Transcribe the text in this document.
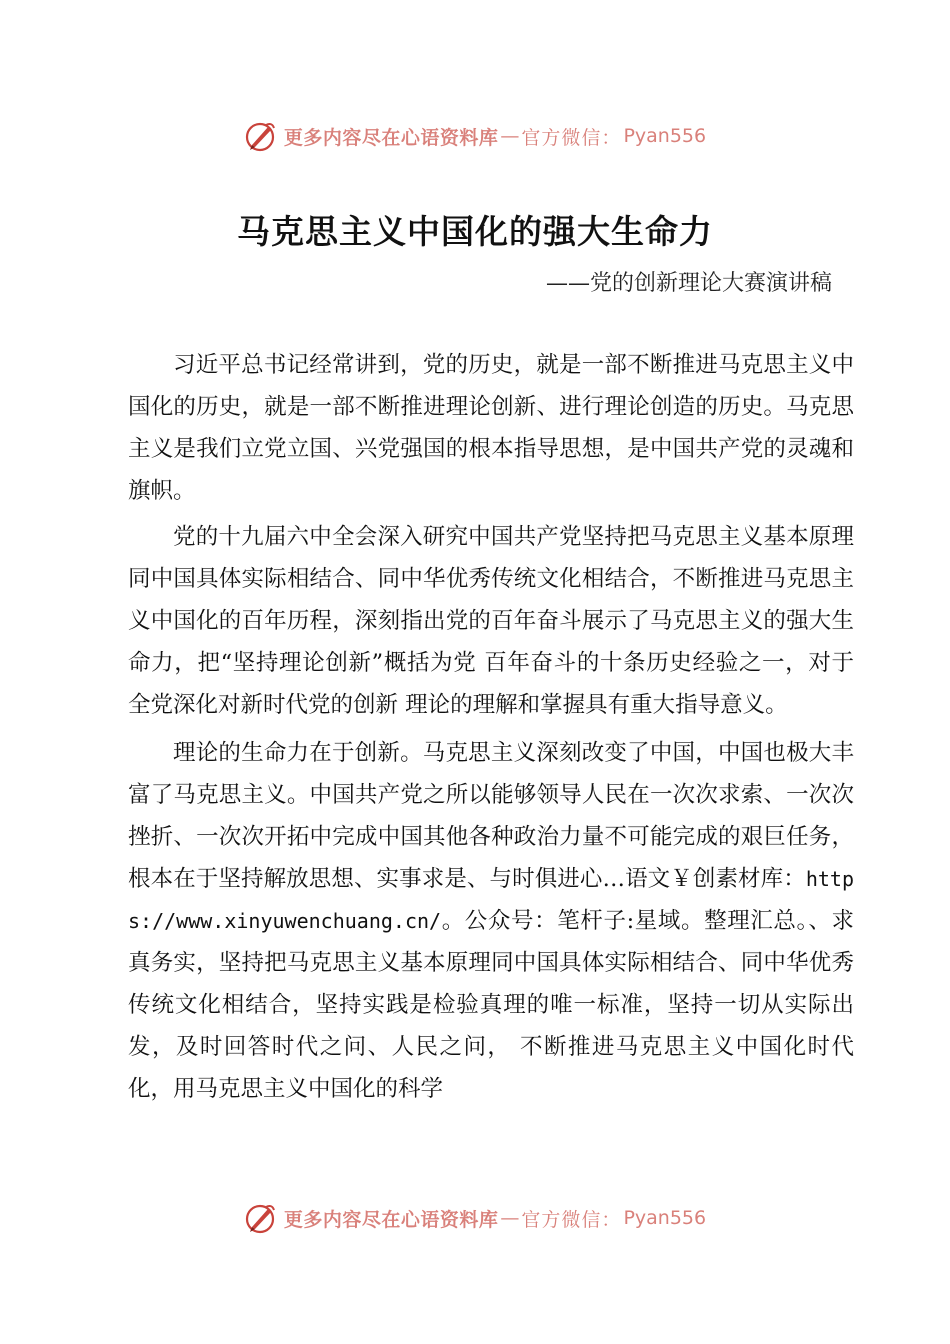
更多内容尽在心语资料库 — 官方微信： Pyan556
马克思主义中国化的强大生命力
——党的创新理论大赛演讲稿

习近平总书记经常讲到，党的历史，就是一部不断推进马克思主义中国化的历史，就是一部不断推进理论创新、进行理论创造的历史。马克思主义是我们立党立国、兴党强国的根本指导思想，是中国共产党的灵魂和旗帜。

党的十九届六中全会深入研究中国共产党坚持把马克思主义基本原理同中国具体实际相结合、同中华优秀传统文化相结合，不断推进马克思主义中国化的百年历程，深刻指出党的百年奋斗展示了马克思主义的强大生命力，把“坚持理论创新”概括为党 百年奋斗的十条历史经验之一，对于全党深化对新时代党的创新 理论的理解和掌握具有重大指导意义。

理论的生命力在于创新。马克思主义深刻改变了中国，中国也极大丰富了马克思主义。中国共产党之所以能够领导人民在一次次求索、一次次挫折、一次次开拓中完成中国其他各种政治力量不可能完成的艰巨任务，根本在于坚持解放思想、实事求是、与时俱进心…语文￥创素材库：https://www.xinyuwenchuang.cn/。公众号：笔杆子:星域。整理汇总。、求真务实，坚持把马克思主义基本原理同中国具体实际相结合、同中华优秀传统文化相结合，坚持实践是检验真理的唯一标准，坚持一切从实际出发，及时回答时代之问、人民之问， 不断推进马克思主义中国化时代化，用马克思主义中国化的科学

更多内容尽在心语资料库 — 官方微信： Pyan556
